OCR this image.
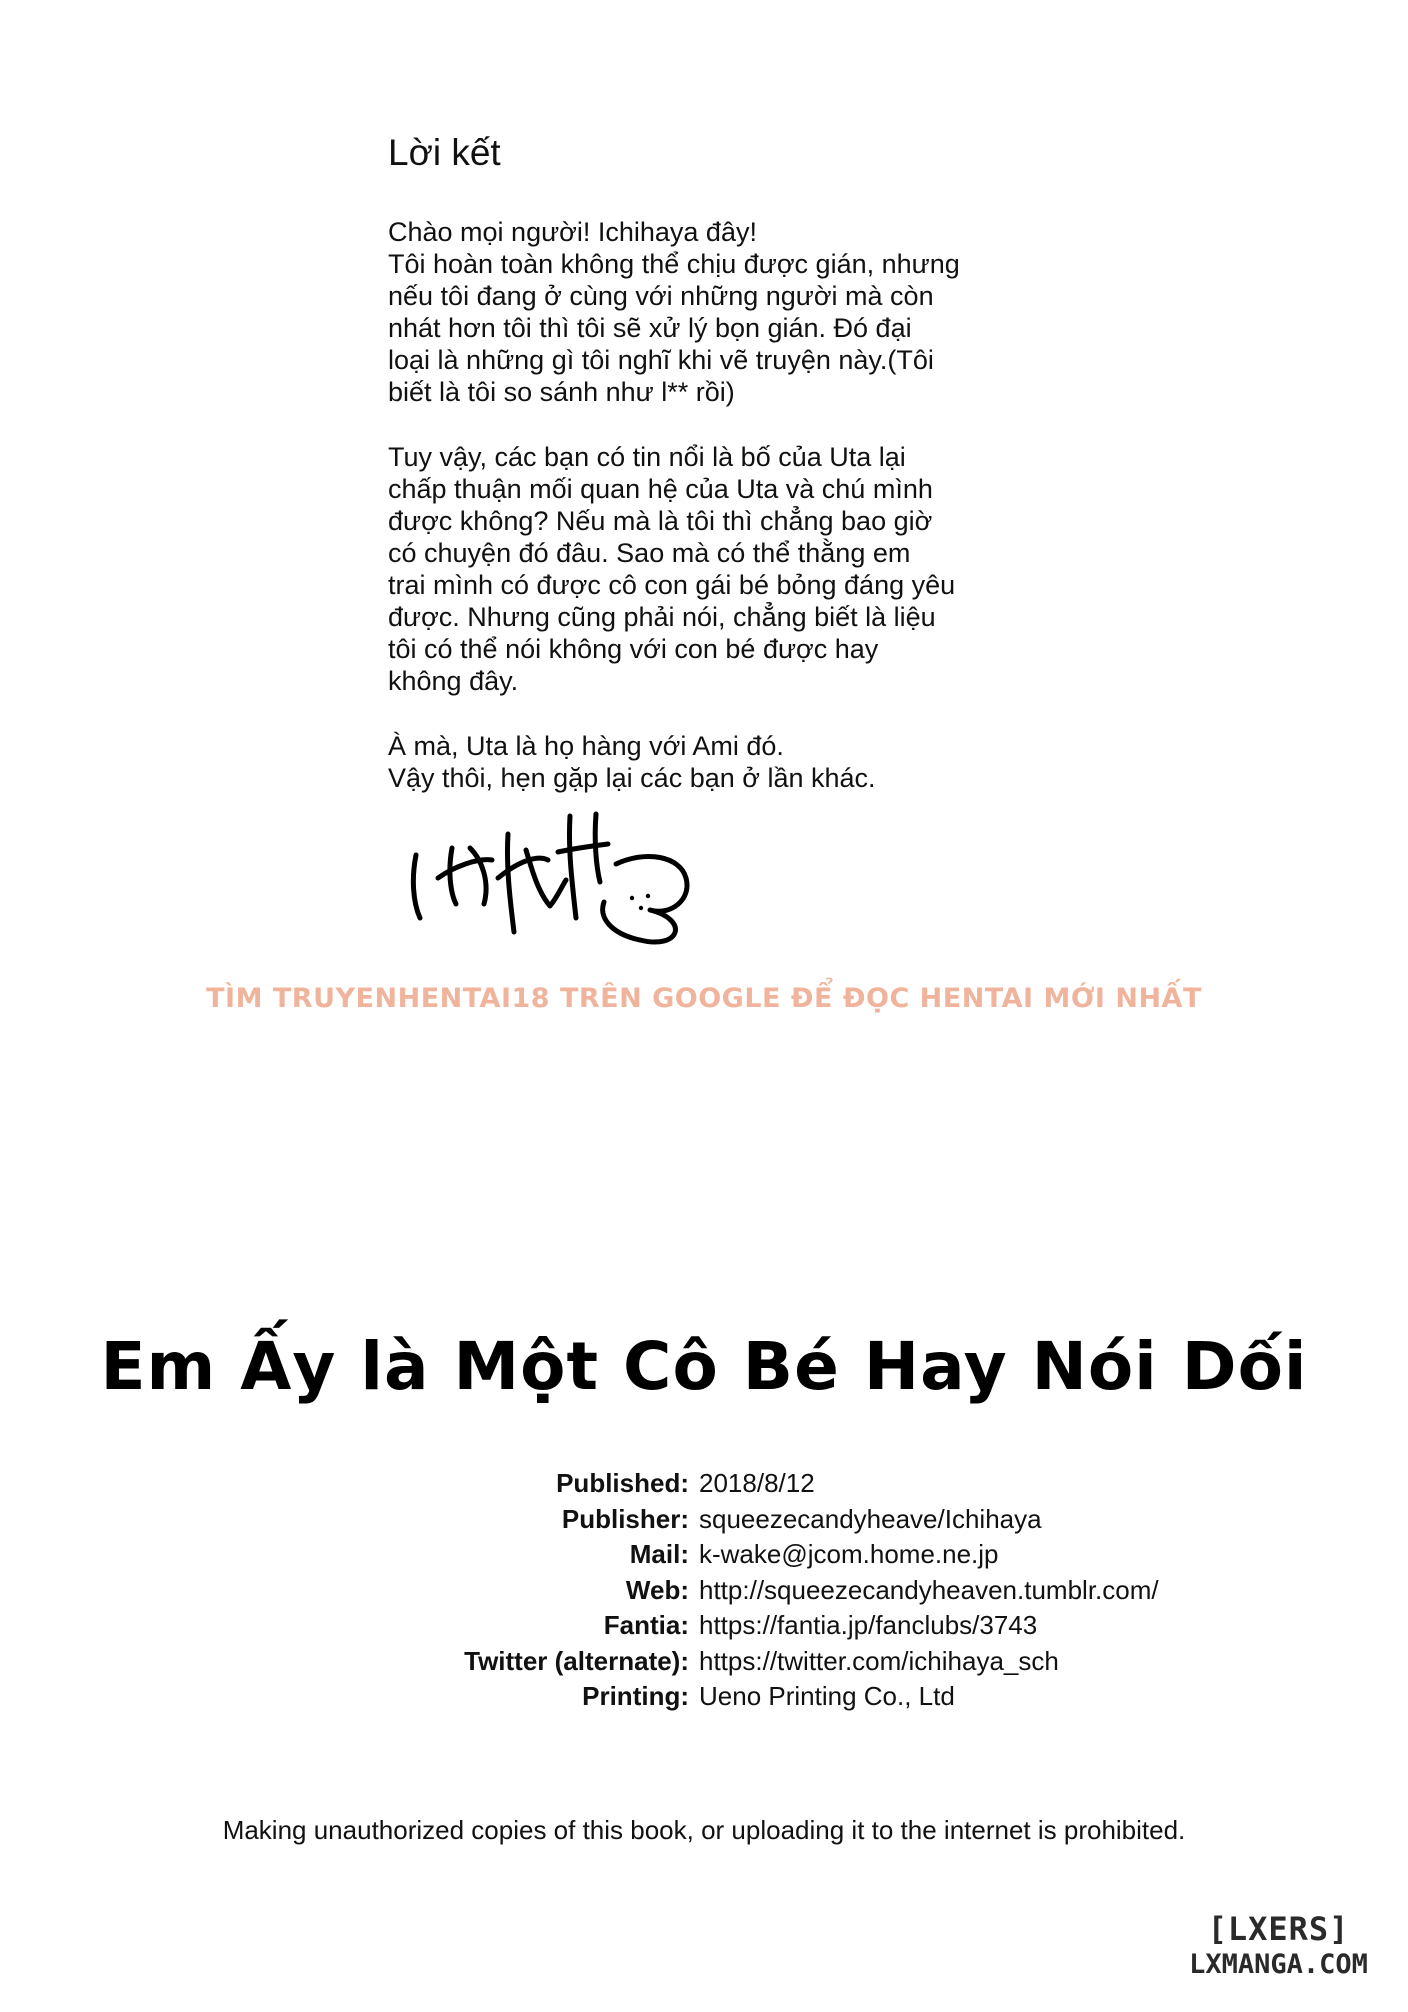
Lời kết
Chào mọi người! Ichihaya đây!
Tôi hoàn toàn không thể chịu được gián, nhưng
nếu tôi đang ở cùng với những người mà còn
nhát hơn tôi thì tôi sẽ xử lý bọn gián. Đó đại
loại là những gì tôi nghĩ khi vẽ truyện này.(Tôi
biết là tôi so sánh như l** rồi)
Tuy vậy, các bạn có tin nổi là bố của Uta lại
chấp thuận mối quan hệ của Uta và chú mình
được không? Nếu mà là tôi thì chẳng bao giờ
có chuyện đó đâu. Sao mà có thể thằng em
trai mình có được cô con gái bé bỏng đáng yêu
được. Nhưng cũng phải nói, chẳng biết là liệu
tôi có thể nói không với con bé được hay
không đây.
À mà, Uta là họ hàng với Ami đó.
Vậy thôi, hẹn gặp lại các bạn ở lần khác.
TÌM TRUYENHENTAI18 TRÊN GOOGLE ĐỂ ĐỌC HENTAI MỚI NHẤT
Em Ấy là Một Cô Bé Hay Nói Dối
Published: 2018/8/12
Publisher: squeezecandyheave/Ichihaya
Mail: k-wake@jcom.home.ne.jp
Web: http://squeezecandyheaven.tumblr.com/
Fantia: https://fantia.jp/fanclubs/3743
Twitter (alternate): https://twitter.com/ichihaya_sch
Printing: Ueno Printing Co., Ltd
Making unauthorized copies of this book, or uploading it to the internet is prohibited.
[LXERS]
LXMANGA.COM
